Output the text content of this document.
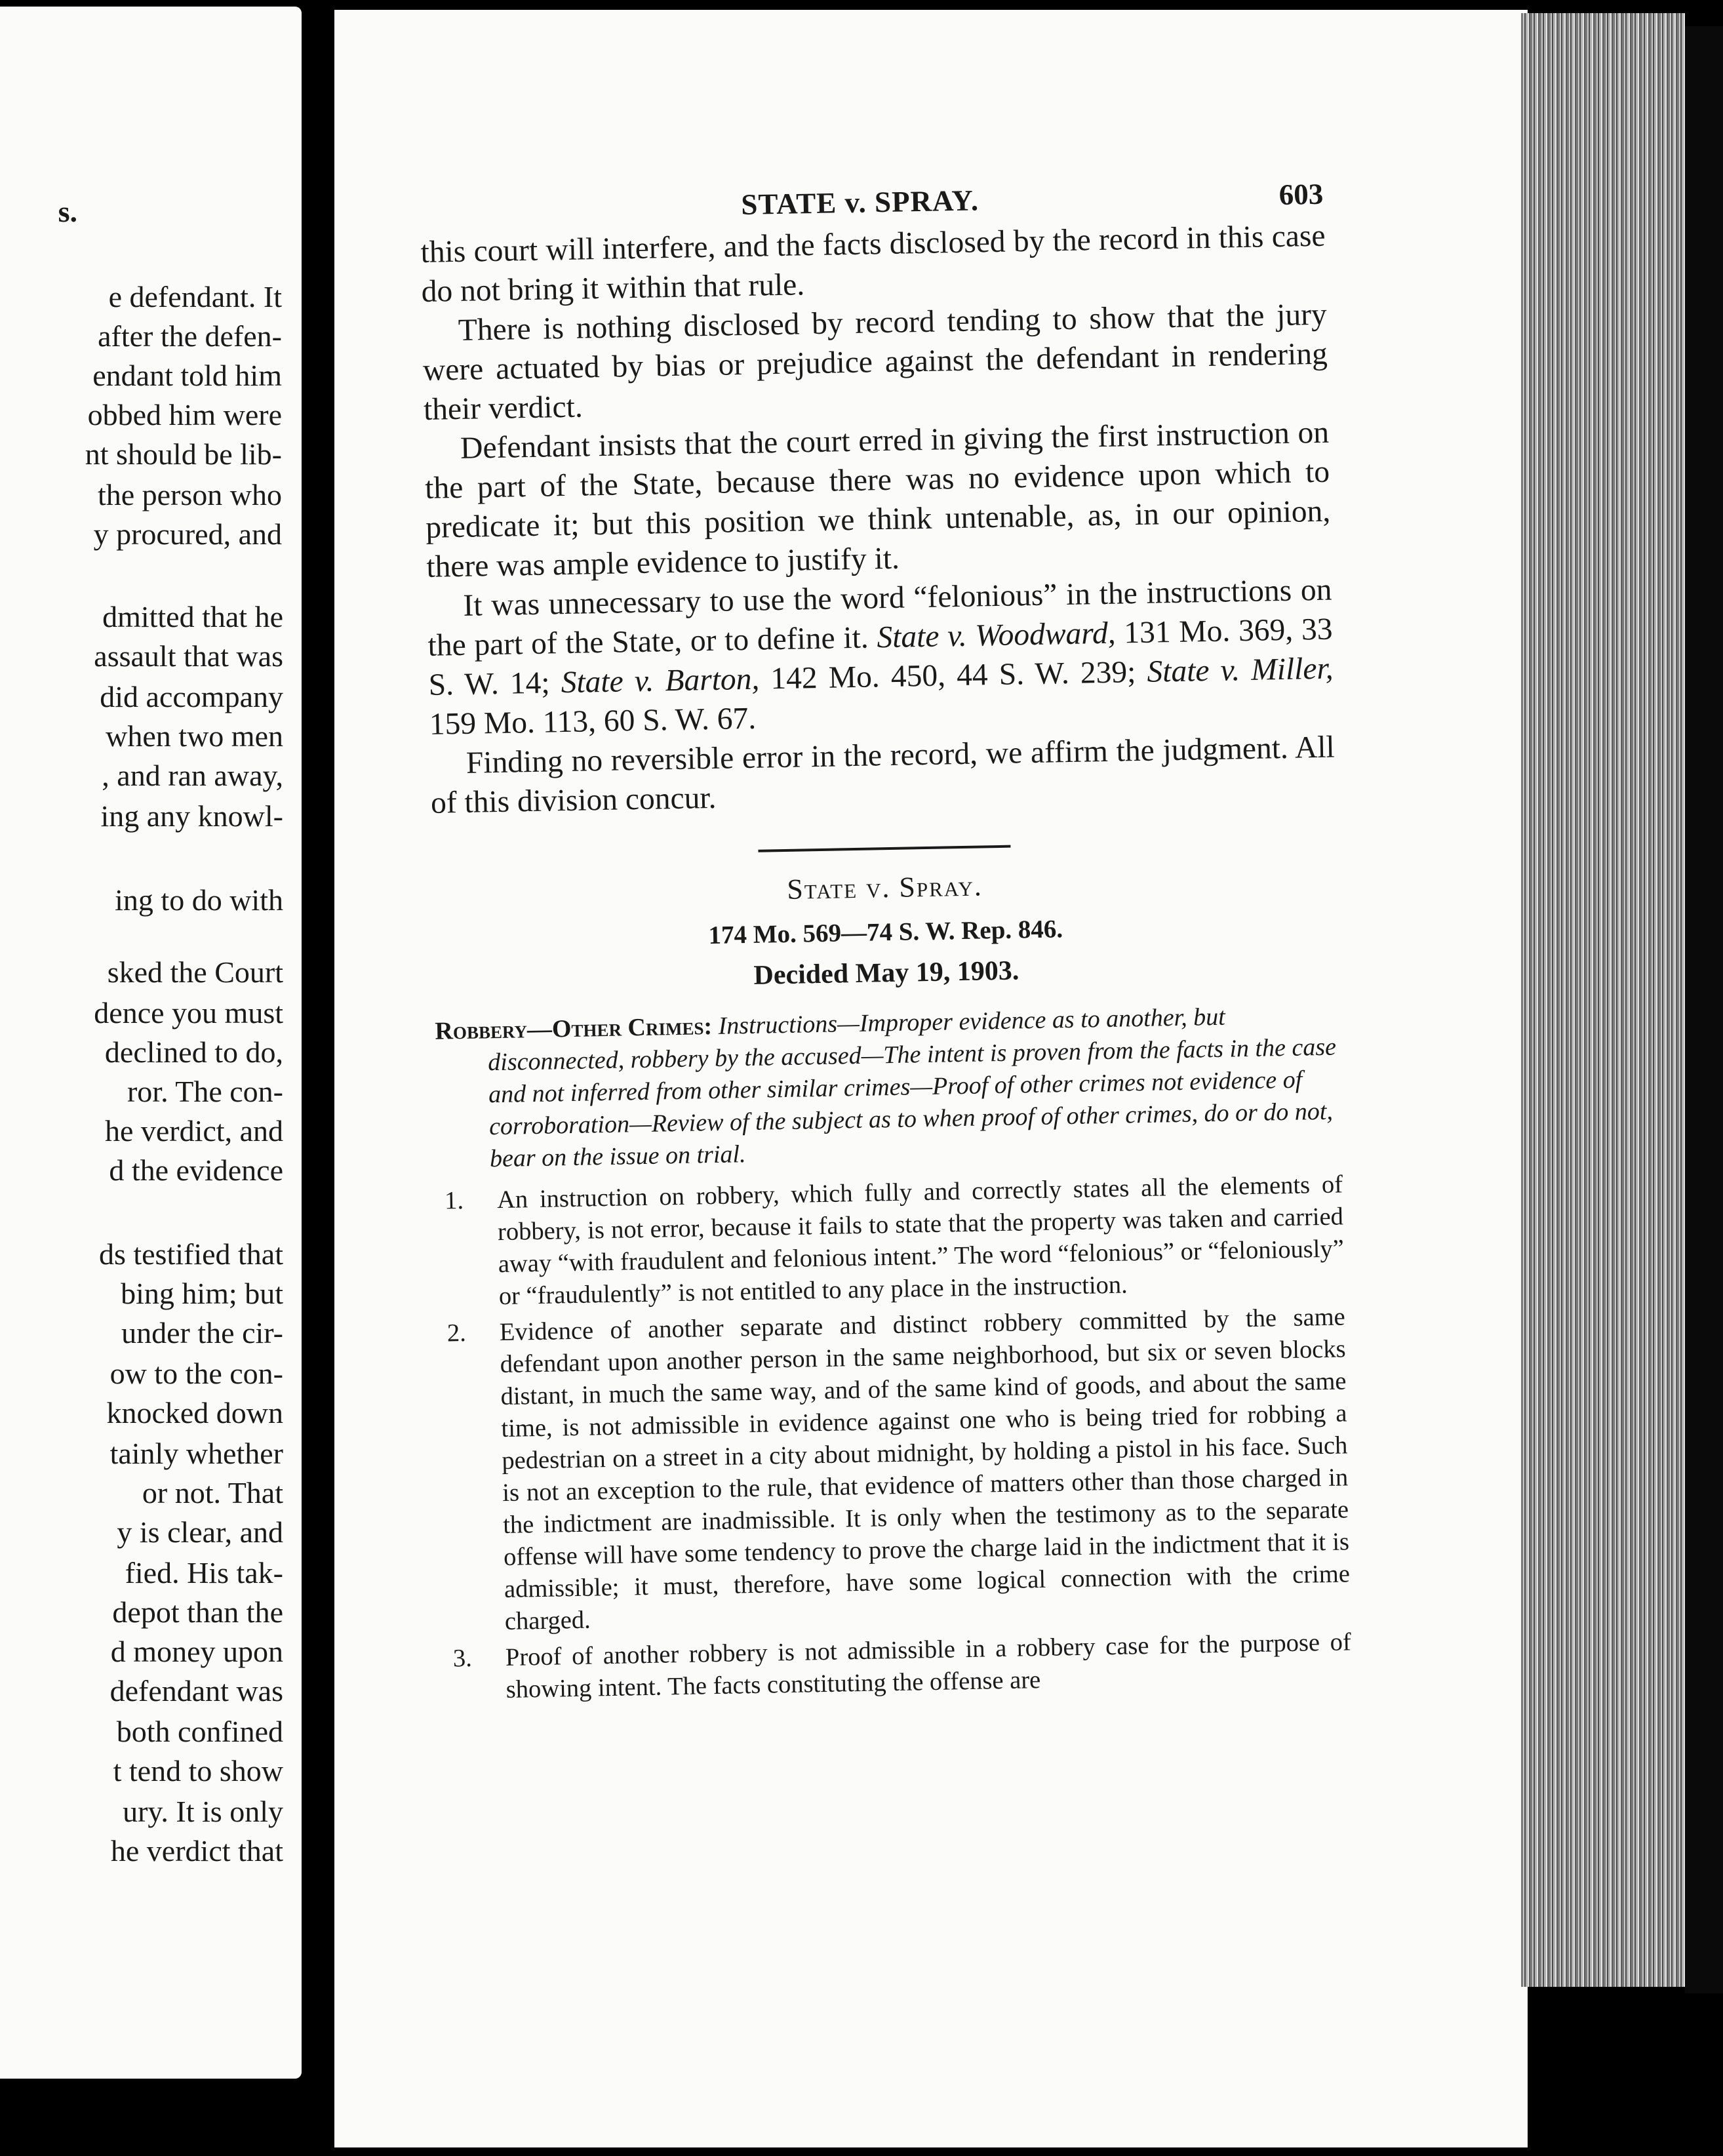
s.
e defendant. It
after the defen-
endant told him
obbed him were
nt should be lib-
the person who
y procured, and
dmitted that he
assault that was
did accompany
when two men
, and ran away,
ing any knowl-
ing to do with
sked the Court
dence you must
declined to do,
ror. The con-
he verdict, and
d the evidence
ds testified that
bing him; but
under the cir-
ow to the con-
knocked down
tainly whether
or not. That
y is clear, and
fied. His tak-
depot than the
d money upon
defendant was
both confined
t tend to show
ury. It is only
he verdict that
STATE v. SPRAY.	603

this court will interfere, and the facts disclosed by the record in this case do not bring it within that rule.

There is nothing disclosed by record tending to show that the jury were actuated by bias or prejudice against the defendant in rendering their verdict.

Defendant insists that the court erred in giving the first instruction on the part of the State, because there was no evidence upon which to predicate it; but this position we think untenable, as, in our opinion, there was ample evidence to justify it.

It was unnecessary to use the word “felonious” in the instructions on the part of the State, or to define it. State v. Woodward, 131 Mo. 369, 33 S. W. 14; State v. Barton, 142 Mo. 450, 44 S. W. 239; State v. Miller, 159 Mo. 113, 60 S. W. 67.

Finding no reversible error in the record, we affirm the judgment. All of this division concur.

State v. Spray.
174 Mo. 569—74 S. W. Rep. 846.
Decided May 19, 1903.
Robbery—Other Crimes: Instructions—Improper evidence as to another, but disconnected, robbery by the accused—The intent is proven from the facts in the case and not inferred from other similar crimes—Proof of other crimes not evidence of corroboration—Review of the subject as to when proof of other crimes, do or do not, bear on the issue on trial.
1. An instruction on robbery, which fully and correctly states all the elements of robbery, is not error, because it fails to state that the property was taken and carried away “with fraudulent and felonious intent.” The word “felonious” or “feloniously” or “fraudulently” is not entitled to any place in the instruction.
2. Evidence of another separate and distinct robbery committed by the same defendant upon another person in the same neighborhood, but six or seven blocks distant, in much the same way, and of the same kind of goods, and about the same time, is not admissible in evidence against one who is being tried for robbing a pedestrian on a street in a city about midnight, by holding a pistol in his face. Such is not an exception to the rule, that evidence of matters other than those charged in the indictment are inadmissible. It is only when the testimony as to the separate offense will have some tendency to prove the charge laid in the indictment that it is admissible; it must, therefore, have some logical connection with the crime charged.
3. Proof of another robbery is not admissible in a robbery case for the purpose of showing intent. The facts constituting the offense are
